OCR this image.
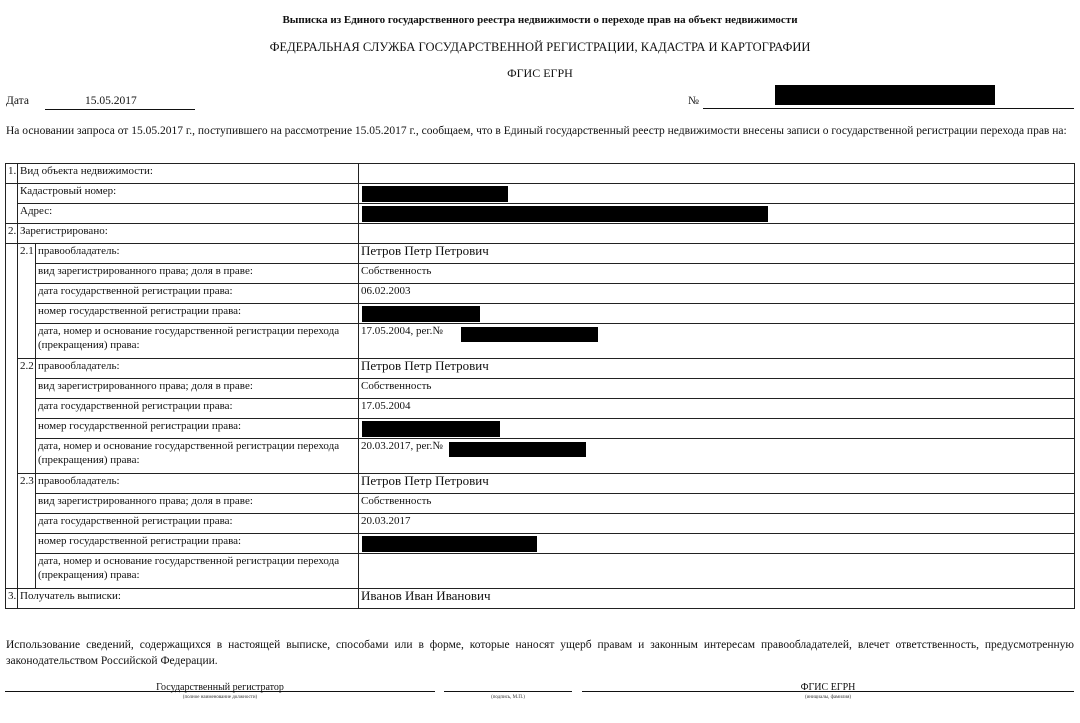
Выписка из Единого государственного реестра недвижимости о переходе прав на объект недвижимости
ФЕДЕРАЛЬНАЯ СЛУЖБА ГОСУДАРСТВЕННОЙ РЕГИСТРАЦИИ, КАДАСТРА И КАРТОГРАФИИ
ФГИС ЕГРН
Дата	15.05.2017	№
На основании запроса от 15.05.2017 г., поступившего на рассмотрение 15.05.2017 г., сообщаем, что в Единый государственный реестр недвижимости внесены записи о государственной регистрации перехода прав на:
1.	Вид объекта недвижимости:		
	Кадастровый номер:		

	Адрес:		

2.	Зарегистрировано:		
	2.1	правообладатель:	Петров Петр Петрович
		вид зарегистрированного права; доля в праве:	Собственность
		дата государственной регистрации права:	06.02.2003
		номер государственной регистрации права:	

		дата, номер и основание государственной регистрации перехода (прекращения) права:	17.05.2004, рег.№

	2.2	правообладатель:	Петров Петр Петрович
		вид зарегистрированного права; доля в праве:	Собственность
		дата государственной регистрации права:	17.05.2004
		номер государственной регистрации права:	

		дата, номер и основание государственной регистрации перехода (прекращения) права:	20.03.2017, рег.№

	2.3	правообладатель:	Петров Петр Петрович
		вид зарегистрированного права; доля в праве:	Собственность
		дата государственной регистрации права:	20.03.2017
		номер государственной регистрации права:	

		дата, номер и основание государственной регистрации перехода (прекращения) права:	
3.	Получатель выписки:		Иванов Иван Иванович
Использование сведений, содержащихся в настоящей выписке, способами или в форме, которые наносят ущерб правам и законным интересам правообладателей, влечет ответственность, предусмотренную законодательством Российской Федерации.
Государственный регистратор
(полное наименование должности)	(подпись, М.П.)
ФГИС ЕГРН
(инициалы, фамилия)
